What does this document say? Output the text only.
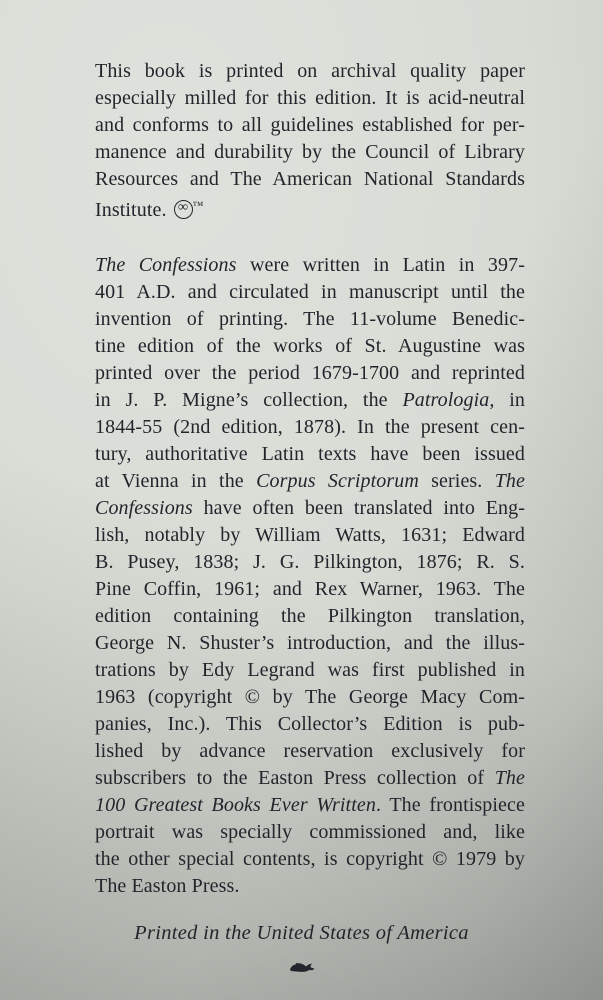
This book is printed on archival quality paper
especially milled for this edition. It is acid-neutral
and conforms to all guidelines established for per-
manence and durability by the Council of Library
Resources and The American National Standards
Institute. ∞ ™
The Confessions were written in Latin in 397-
401 A.D. and circulated in manuscript until the
invention of printing. The 11-volume Benedic-
tine edition of the works of St. Augustine was
printed over the period 1679-1700 and reprinted
in J. P. Migne’s collection, the Patrologia, in
1844-55 (2nd edition, 1878). In the present cen-
tury, authoritative Latin texts have been issued
at Vienna in the Corpus Scriptorum series. The
Confessions have often been translated into Eng-
lish, notably by William Watts, 1631; Edward
B. Pusey, 1838; J. G. Pilkington, 1876; R. S.
Pine Coffin, 1961; and Rex Warner, 1963. The
edition containing the Pilkington translation,
George N. Shuster’s introduction, and the illus-
trations by Edy Legrand was first published in
1963 (copyright © by The George Macy Com-
panies, Inc.). This Collector’s Edition is pub-
lished by advance reservation exclusively for
subscribers to the Easton Press collection of The
100 Greatest Books Ever Written. The frontispiece
portrait was specially commissioned and, like
the other special contents, is copyright © 1979 by
The Easton Press.
Printed in the United States of America
